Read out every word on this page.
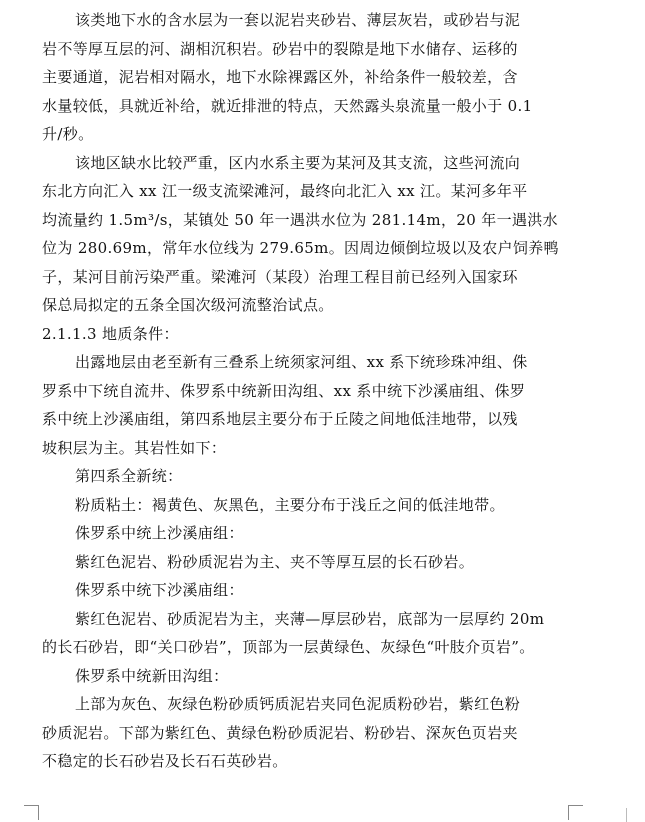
该类地下水的含水层为一套以泥岩夹砂岩、薄层灰岩，或砂岩与泥
岩不等厚互层的河、湖相沉积岩。砂岩中的裂隙是地下水储存、运移的
主要通道，泥岩相对隔水，地下水除裸露区外，补给条件一般较差，含
水量较低，具就近补给，就近排泄的特点，天然露头泉流量一般小于 0.1
升/秒。

该地区缺水比较严重，区内水系主要为某河及其支流，这些河流向
东北方向汇入 xx 江一级支流梁滩河，最终向北汇入 xx 江。某河多年平
均流量约 1.5m³/s，某镇处 50 年一遇洪水位为 281.14m，20 年一遇洪水
位为 280.69m，常年水位线为 279.65m。因周边倾倒垃圾以及农户饲养鸭
子，某河目前污染严重。梁滩河（某段）治理工程目前已经列入国家环
保总局拟定的五条全国次级河流整治试点。

2.1.1.3 地质条件：

出露地层由老至新有三叠系上统须家河组、xx 系下统珍珠冲组、侏
罗系中下统自流井、侏罗系中统新田沟组、xx 系中统下沙溪庙组、侏罗
系中统上沙溪庙组，第四系地层主要分布于丘陵之间地低洼地带，以残
坡积层为主。其岩性如下：

第四系全新统：

粉质粘土：褐黄色、灰黑色，主要分布于浅丘之间的低洼地带。

侏罗系中统上沙溪庙组：

紫红色泥岩、粉砂质泥岩为主、夹不等厚互层的长石砂岩。

侏罗系中统下沙溪庙组：

紫红色泥岩、砂质泥岩为主，夹薄—厚层砂岩，底部为一层厚约 20m
的长石砂岩，即“关口砂岩”，顶部为一层黄绿色、灰绿色“叶肢介页岩”。

侏罗系中统新田沟组：

上部为灰色、灰绿色粉砂质钙质泥岩夹同色泥质粉砂岩，紫红色粉
砂质泥岩。下部为紫红色、黄绿色粉砂质泥岩、粉砂岩、深灰色页岩夹
不稳定的长石砂岩及长石石英砂岩。
